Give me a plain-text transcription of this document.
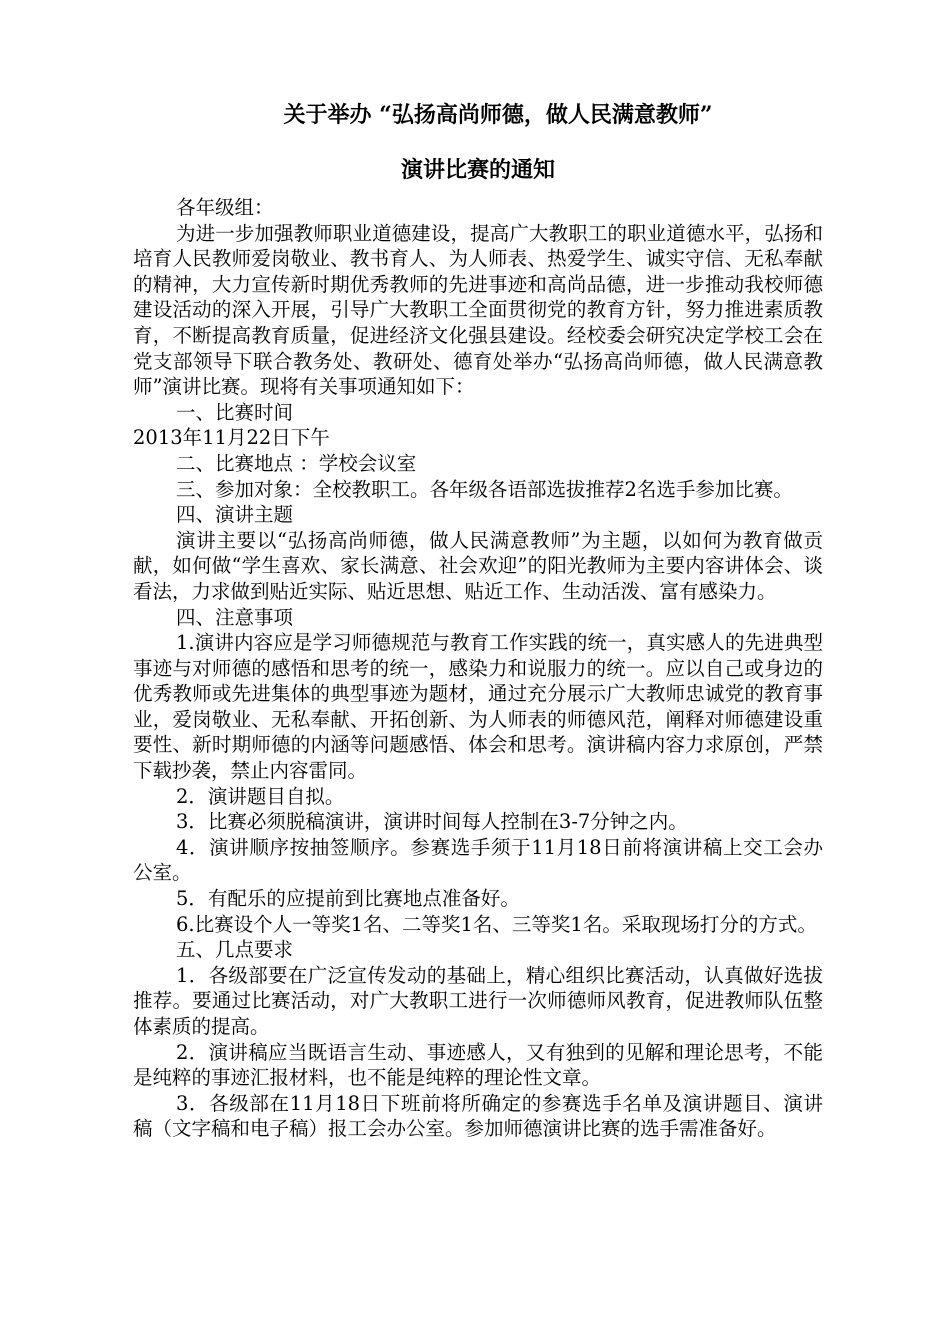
关于举办 “弘扬高尚师德，做人民满意教师”

演讲比赛的通知

各年级组：

为进一步加强教师职业道德建设，提高广大教职工的职业道德水平，弘扬和培育人民教师爱岗敬业、教书育人、为人师表、热爱学生、诚实守信、无私奉献的精神，大力宣传新时期优秀教师的先进事迹和高尚品德，进一步推动我校师德建设活动的深入开展，引导广大教职工全面贯彻党的教育方针，努力推进素质教育，不断提高教育质量，促进经济文化强县建设。经校委会研究决定学校工会在党支部领导下联合教务处、教研处、德育处举办“弘扬高尚师德，做人民满意教师”演讲比赛。现将有关事项通知如下：

一、比赛时间

2013年11月22日下午

二、比赛地点 ：学校会议室

三、参加对象：全校教职工。各年级各语部选拔推荐2名选手参加比赛。

四、演讲主题

演讲主要以“弘扬高尚师德，做人民满意教师”为主题，以如何为教育做贡献，如何做“学生喜欢、家长满意、社会欢迎”的阳光教师为主要内容讲体会、谈看法，力求做到贴近实际、贴近思想、贴近工作、生动活泼、富有感染力。

四、注意事项

1.演讲内容应是学习师德规范与教育工作实践的统一，真实感人的先进典型事迹与对师德的感悟和思考的统一，感染力和说服力的统一。应以自己或身边的优秀教师或先进集体的典型事迹为题材，通过充分展示广大教师忠诚党的教育事业，爱岗敬业、无私奉献、开拓创新、为人师表的师德风范，阐释对师德建设重要性、新时期师德的内涵等问题感悟、体会和思考。演讲稿内容力求原创，严禁下载抄袭，禁止内容雷同。

2．演讲题目自拟。

3．比赛必须脱稿演讲，演讲时间每人控制在3-7分钟之内。

4．演讲顺序按抽签顺序。参赛选手须于11月18日前将演讲稿上交工会办公室。

5．有配乐的应提前到比赛地点准备好。

6.比赛设个人一等奖1名、二等奖1名、三等奖1名。采取现场打分的方式。

五、几点要求

1．各级部要在广泛宣传发动的基础上，精心组织比赛活动，认真做好选拔推荐。要通过比赛活动，对广大教职工进行一次师德师风教育，促进教师队伍整体素质的提高。

2．演讲稿应当既语言生动、事迹感人，又有独到的见解和理论思考，不能是纯粹的事迹汇报材料，也不能是纯粹的理论性文章。

3．各级部在11月18日下班前将所确定的参赛选手名单及演讲题目、演讲稿（文字稿和电子稿）报工会办公室。参加师德演讲比赛的选手需准备好。
